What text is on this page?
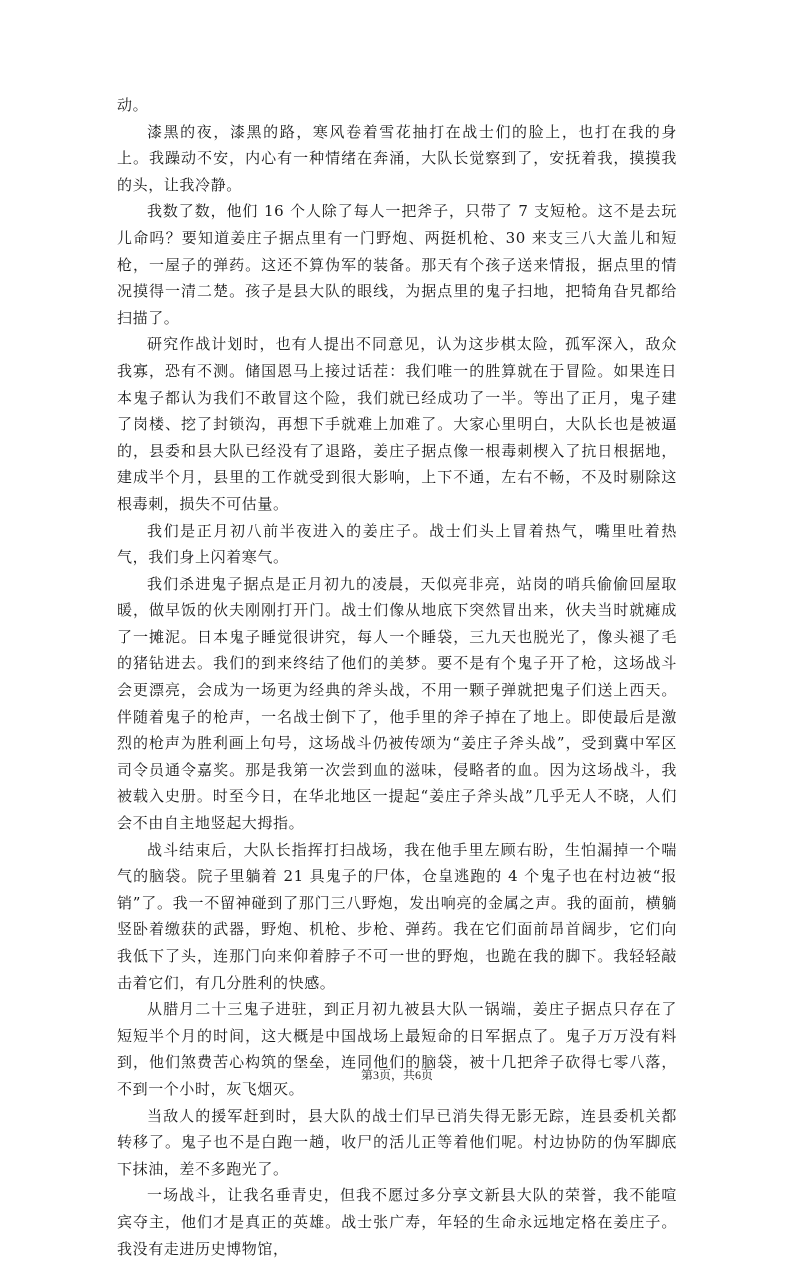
动。

漆黑的夜，漆黑的路，寒风卷着雪花抽打在战士们的脸上，也打在我的身上。我躁动不安，内心有一种情绪在奔涌，大队长觉察到了，安抚着我，摸摸我的头，让我冷静。

我数了数，他们 16 个人除了每人一把斧子，只带了 7 支短枪。这不是去玩儿命吗？要知道姜庄子据点里有一门野炮、两挺机枪、30 来支三八大盖儿和短枪，一屋子的弹药。这还不算伪军的装备。那天有个孩子送来情报，据点里的情况摸得一清二楚。孩子是县大队的眼线，为据点里的鬼子扫地，把犄角旮旯都给扫描了。

研究作战计划时，也有人提出不同意见，认为这步棋太险，孤军深入，敌众我寡，恐有不测。储国恩马上接过话茬：我们唯一的胜算就在于冒险。如果连日本鬼子都认为我们不敢冒这个险，我们就已经成功了一半。等出了正月，鬼子建了岗楼、挖了封锁沟，再想下手就难上加难了。大家心里明白，大队长也是被逼的，县委和县大队已经没有了退路，姜庄子据点像一根毒刺楔入了抗日根据地，建成半个月，县里的工作就受到很大影响，上下不通，左右不畅，不及时剔除这根毒刺，损失不可估量。

我们是正月初八前半夜进入的姜庄子。战士们头上冒着热气，嘴里吐着热气，我们身上闪着寒气。

我们杀进鬼子据点是正月初九的凌晨，天似亮非亮，站岗的哨兵偷偷回屋取暖，做早饭的伙夫刚刚打开门。战士们像从地底下突然冒出来，伙夫当时就瘫成了一摊泥。日本鬼子睡觉很讲究，每人一个睡袋，三九天也脱光了，像头褪了毛的猪钻进去。我们的到来终结了他们的美梦。要不是有个鬼子开了枪，这场战斗会更漂亮，会成为一场更为经典的斧头战，不用一颗子弹就把鬼子们送上西天。伴随着鬼子的枪声，一名战士倒下了，他手里的斧子掉在了地上。即使最后是激烈的枪声为胜利画上句号，这场战斗仍被传颂为“姜庄子斧头战”，受到冀中军区司令员通令嘉奖。那是我第一次尝到血的滋味，侵略者的血。因为这场战斗，我被载入史册。时至今日，在华北地区一提起“姜庄子斧头战”几乎无人不晓，人们会不由自主地竖起大拇指。

战斗结束后，大队长指挥打扫战场，我在他手里左顾右盼，生怕漏掉一个喘气的脑袋。院子里躺着 21 具鬼子的尸体，仓皇逃跑的 4 个鬼子也在村边被“报销”了。我一不留神碰到了那门三八野炮，发出响亮的金属之声。我的面前，横躺竖卧着缴获的武器，野炮、机枪、步枪、弹药。我在它们面前昂首阔步，它们向我低下了头，连那门向来仰着脖子不可一世的野炮，也跪在我的脚下。我轻轻敲击着它们，有几分胜利的快感。

从腊月二十三鬼子进驻，到正月初九被县大队一锅端，姜庄子据点只存在了短短半个月的时间，这大概是中国战场上最短命的日军据点了。鬼子万万没有料到，他们煞费苦心构筑的堡垒，连同他们的脑袋，被十几把斧子砍得七零八落，不到一个小时，灰飞烟灭。

当敌人的援军赶到时，县大队的战士们早已消失得无影无踪，连县委机关都转移了。鬼子也不是白跑一趟，收尸的活儿正等着他们呢。村边协防的伪军脚底下抹油，差不多跑光了。

一场战斗，让我名垂青史，但我不愿过多分享文新县大队的荣誉，我不能喧宾夺主，他们才是真正的英雄。战士张广寿，年轻的生命永远地定格在姜庄子。我没有走进历史博物馆，

第3页，共6页
